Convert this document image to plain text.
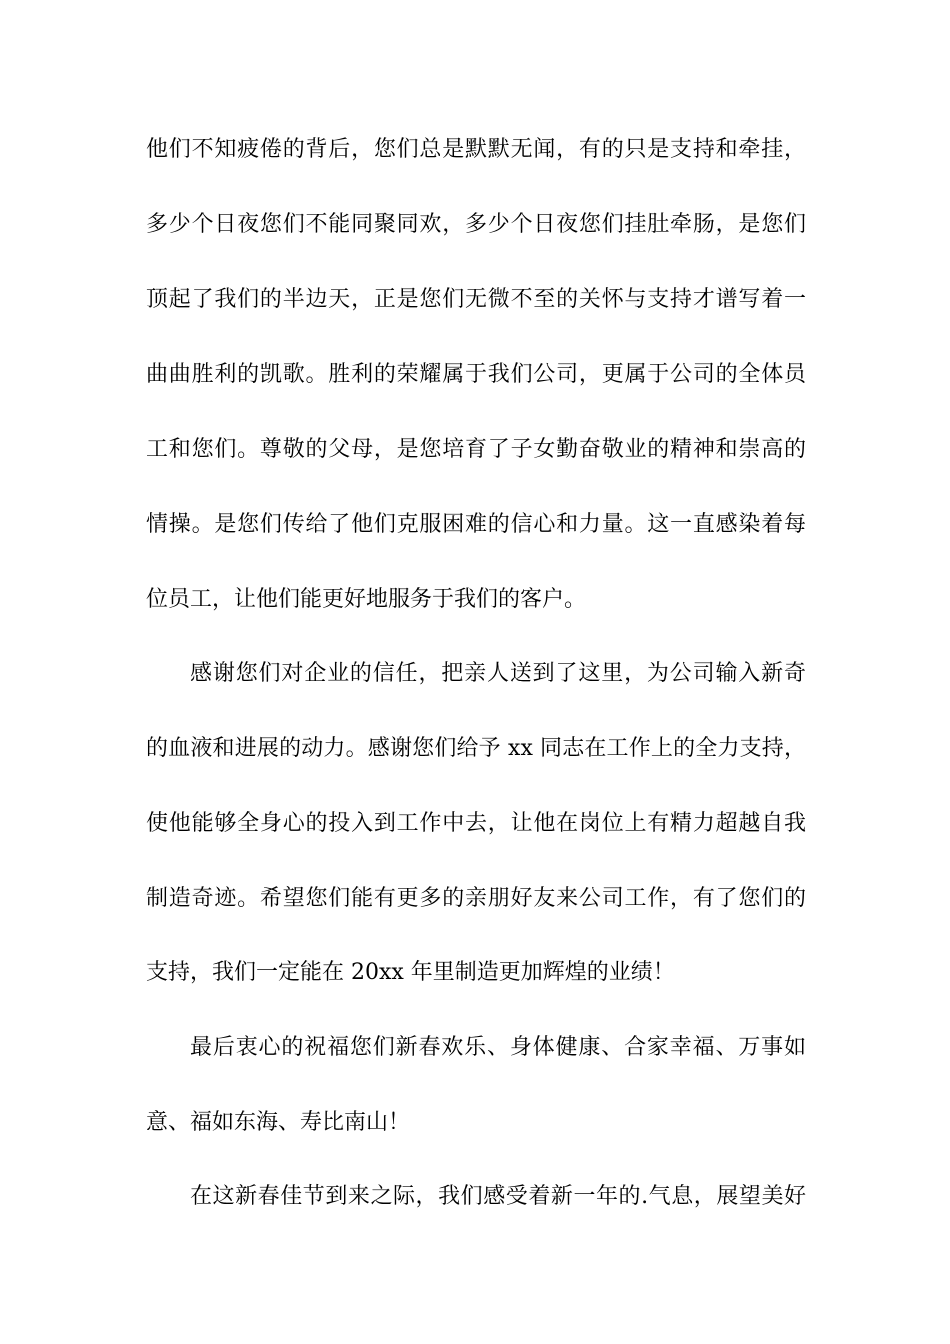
他们不知疲倦的背后，您们总是默默无闻，有的只是支持和牵挂，
多少个日夜您们不能同聚同欢，多少个日夜您们挂肚牵肠，是您们
顶起了我们的半边天，正是您们无微不至的关怀与支持才谱写着一
曲曲胜利的凯歌。胜利的荣耀属于我们公司，更属于公司的全体员
工和您们。尊敬的父母，是您培育了子女勤奋敬业的精神和崇高的
情操。是您们传给了他们克服困难的信心和力量。这一直感染着每
位员工，让他们能更好地服务于我们的客户。
感谢您们对企业的信任，把亲人送到了这里，为公司输入新奇
的血液和进展的动力。感谢您们给予 xx 同志在工作上的全力支持，
使他能够全身心的投入到工作中去，让他在岗位上有精力超越自我
制造奇迹。希望您们能有更多的亲朋好友来公司工作，有了您们的
支持，我们一定能在 20xx 年里制造更加辉煌的业绩！
最后衷心的祝福您们新春欢乐、身体健康、合家幸福、万事如
意、福如东海、寿比南山！
在这新春佳节到来之际，我们感受着新一年的.气息，展望美好
